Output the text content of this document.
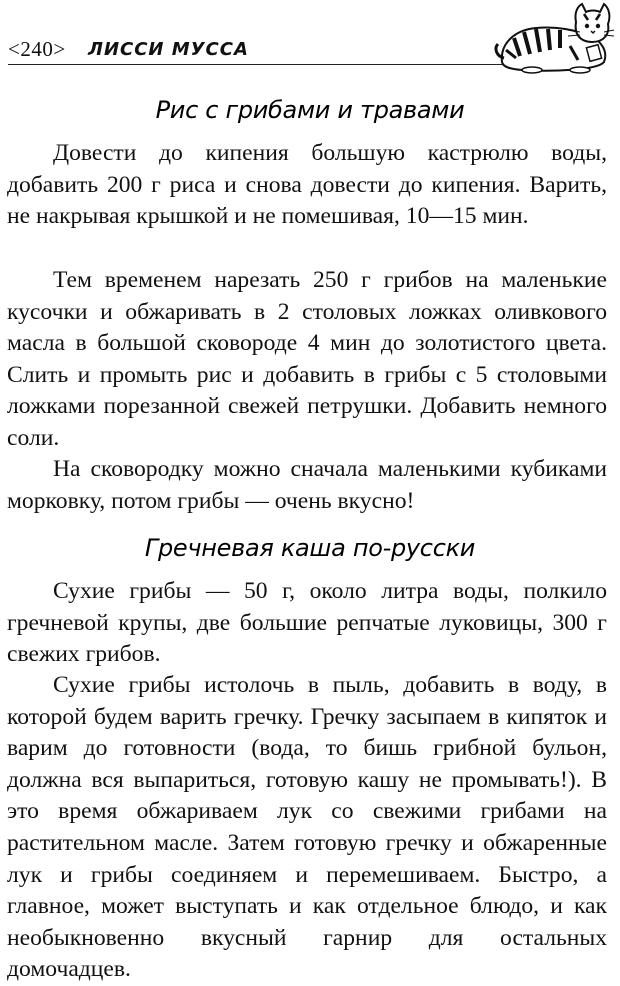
<240> ЛИССИ МУССА
Рис с грибами и травами

Довести до кипения большую кастрюлю воды, добавить 200 г риса и снова довести до кипения. Варить, не накрывая крышкой и не помешивая, 10—15 мин.

Тем временем нарезать 250 г грибов на маленькие кусочки и обжаривать в 2 столовых ложках оливкового масла в большой сковороде 4 мин до золотистого цвета. Слить и промыть рис и добавить в грибы с 5 столовыми ложками порезанной свежей петрушки. Добавить немного соли.

На сковородку можно сначала маленькими кубиками морковку, потом грибы — очень вкусно!

Гречневая каша по-русски

Сухие грибы — 50 г, около литра воды, полкило гречневой крупы, две большие репчатые луковицы, 300 г свежих грибов.

Сухие грибы истолочь в пыль, добавить в воду, в которой будем варить гречку. Гречку засыпаем в кипяток и варим до готовности (вода, то бишь грибной бульон, должна вся выпариться, готовую кашу не промывать!). В это время обжариваем лук со свежими грибами на растительном масле. Затем готовую гречку и обжаренные лук и грибы соединяем и перемешиваем. Быстро, а главное, может выступать и как отдельное блюдо, и как необыкновенно вкусный гарнир для остальных домочадцев.
